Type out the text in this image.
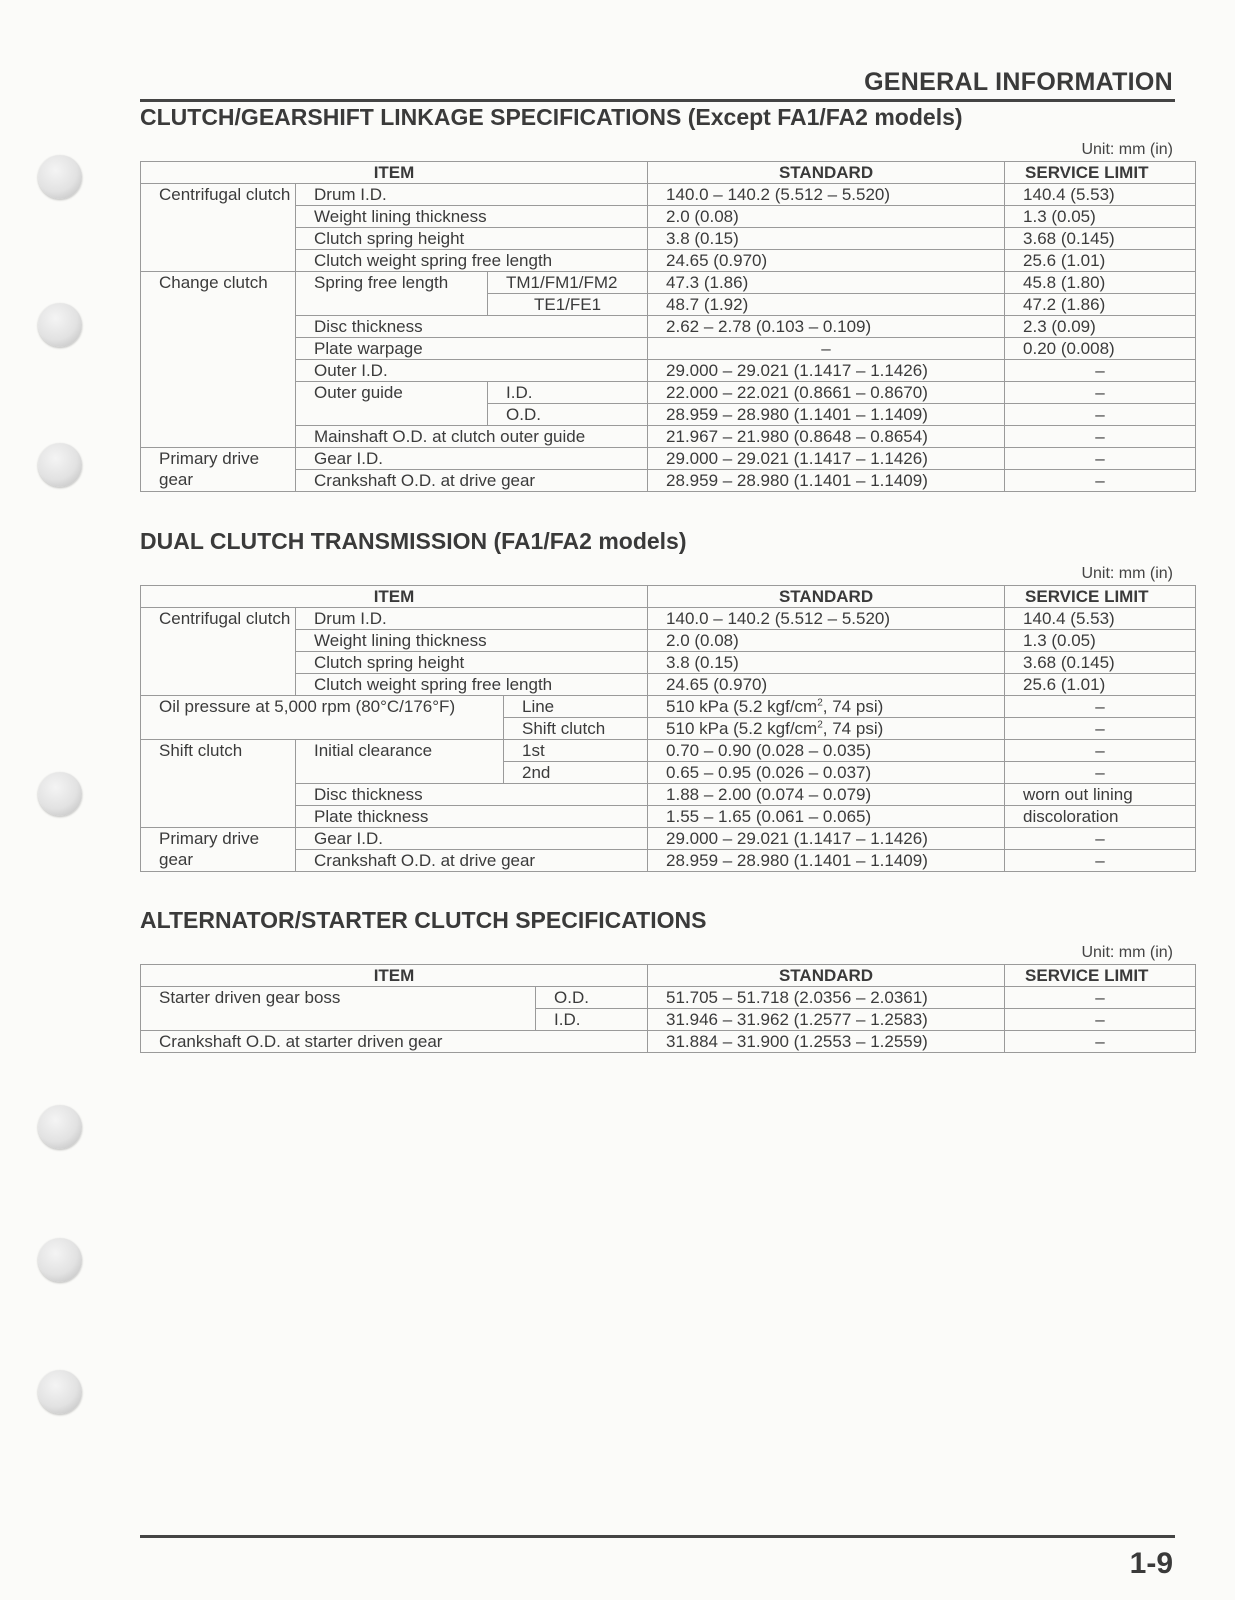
GENERAL INFORMATION
CLUTCH/GEARSHIFT LINKAGE SPECIFICATIONS (Except FA1/FA2 models)
Unit: mm (in)
ITEM			STANDARD	SERVICE LIMIT
Centrifugal clutch	Drum I.D.		140.0 – 140.2 (5.512 – 5.520)	140.4 (5.53)
	Weight lining thickness		2.0 (0.08)	1.3 (0.05)
	Clutch spring height		3.8 (0.15)	3.68 (0.145)
	Clutch weight spring free length		24.65 (0.970)	25.6 (1.01)
Change clutch	Spring free length	TM1/FM1/FM2	47.3 (1.86)	45.8 (1.80)
		TE1/FE1	48.7 (1.92)	47.2 (1.86)
	Disc thickness		2.62 – 2.78 (0.103 – 0.109)	2.3 (0.09)
	Plate warpage		–	0.20 (0.008)
	Outer I.D.		29.000 – 29.021 (1.1417 – 1.1426)	–
	Outer guide	I.D.	22.000 – 22.021 (0.8661 – 0.8670)	–
		O.D.	28.959 – 28.980 (1.1401 – 1.1409)	–
	Mainshaft O.D. at clutch outer guide		21.967 – 21.980 (0.8648 – 0.8654)	–
Primary drive gear	Gear I.D.		29.000 – 29.021 (1.1417 – 1.1426)	–
	Crankshaft O.D. at drive gear		28.959 – 28.980 (1.1401 – 1.1409)	–
DUAL CLUTCH TRANSMISSION (FA1/FA2 models)
Unit: mm (in)
ITEM			STANDARD	SERVICE LIMIT
Centrifugal clutch	Drum I.D.		140.0 – 140.2 (5.512 – 5.520)	140.4 (5.53)
	Weight lining thickness		2.0 (0.08)	1.3 (0.05)
	Clutch spring height		3.8 (0.15)	3.68 (0.145)
	Clutch weight spring free length		24.65 (0.970)	25.6 (1.01)
Oil pressure at 5,000 rpm (80°C/176°F)		Line	510 kPa (5.2 kgf/$cm^2$, 74 psi)	–
		Shift clutch	510 kPa (5.2 kgf/$cm^2$, 74 psi)	–
Shift clutch	Initial clearance	1st	0.70 – 0.90 (0.028 – 0.035)	–
		2nd	0.65 – 0.95 (0.026 – 0.037)	–
	Disc thickness		1.88 – 2.00 (0.074 – 0.079)	worn out lining
	Plate thickness		1.55 – 1.65 (0.061 – 0.065)	discoloration
Primary drive gear	Gear I.D.		29.000 – 29.021 (1.1417 – 1.1426)	–
	Crankshaft O.D. at drive gear		28.959 – 28.980 (1.1401 – 1.1409)	–
ALTERNATOR/STARTER CLUTCH SPECIFICATIONS
Unit: mm (in)
ITEM		STANDARD	SERVICE LIMIT
Starter driven gear boss	O.D.	51.705 – 51.718 (2.0356 – 2.0361)	–
	I.D.	31.946 – 31.962 (1.2577 – 1.2583)	–
Crankshaft O.D. at starter driven gear		31.884 – 31.900 (1.2553 – 1.2559)	–
1-9
